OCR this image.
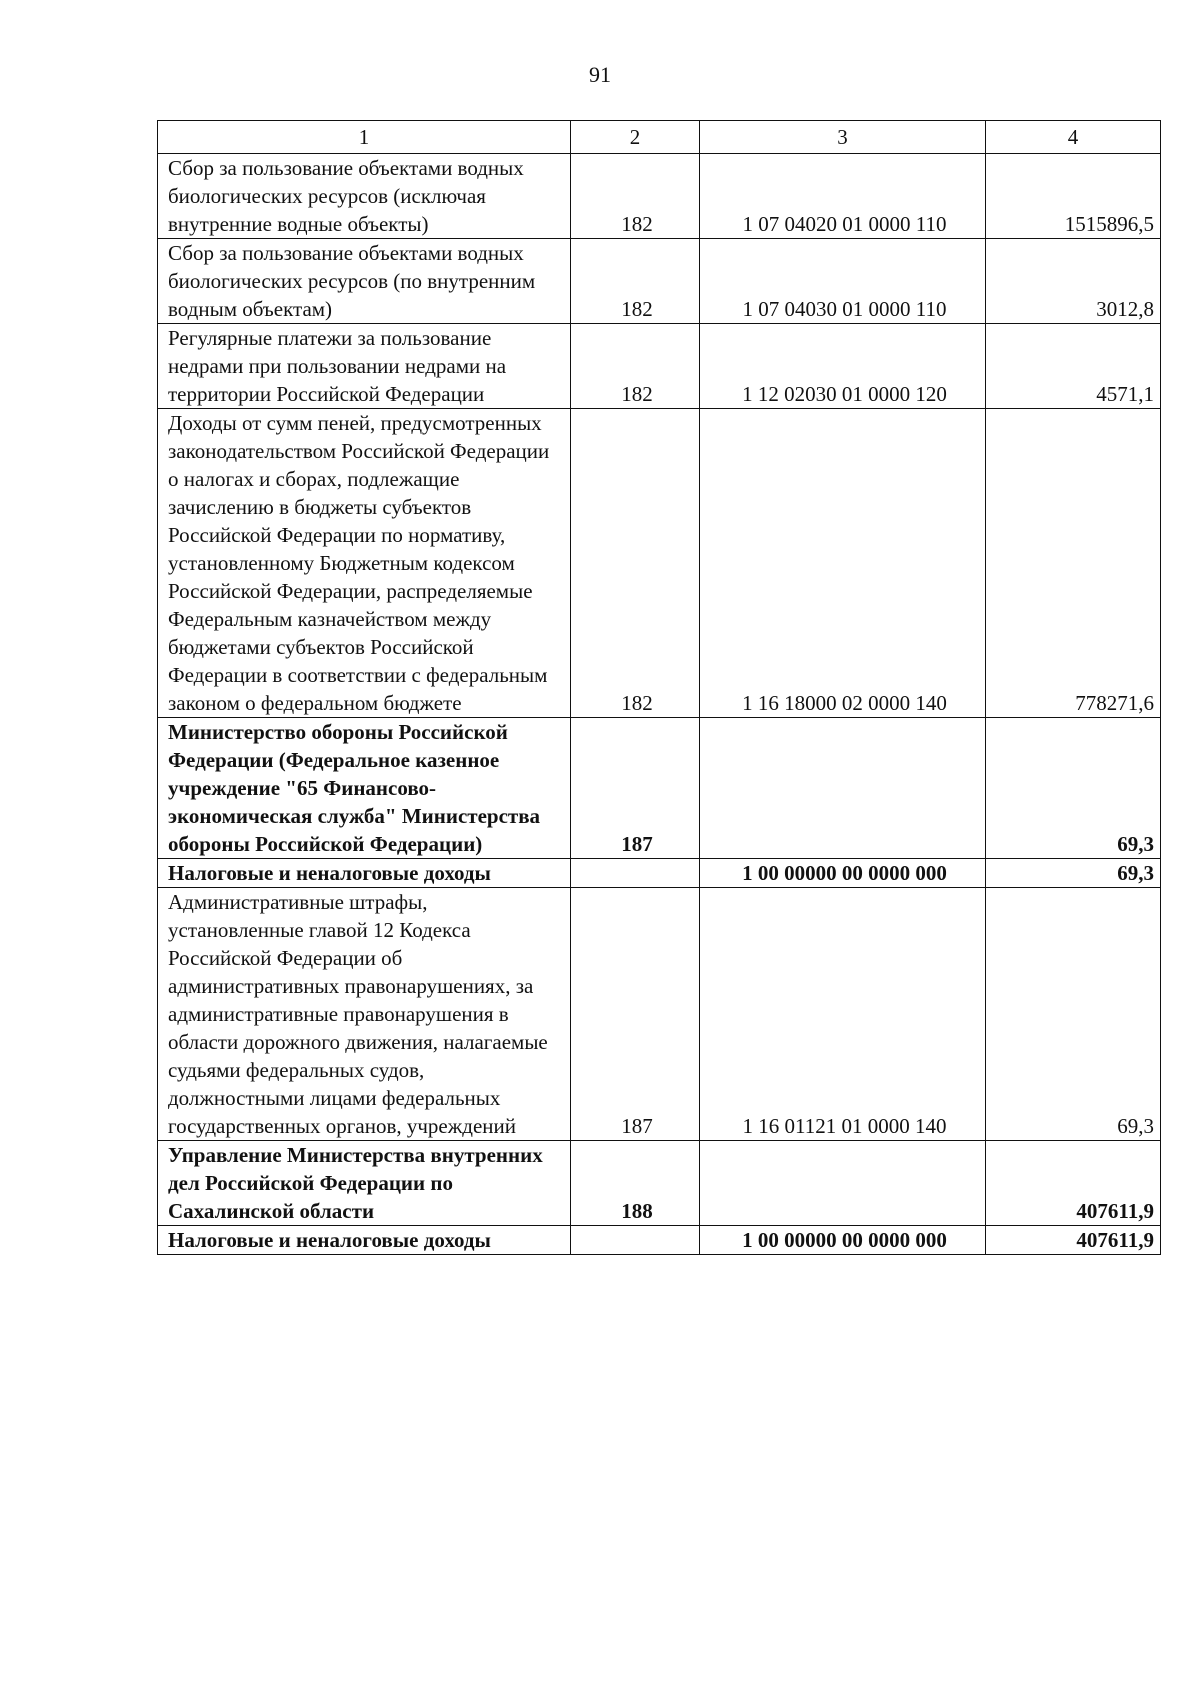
91
1	2	3	4
Сбор за пользование объектами водных биологических ресурсов (исключая внутренние водные объекты)	182	1 07 04020 01 0000 110	1515896,5
Сбор за пользование объектами водных биологических ресурсов (по внутренним водным объектам)	182	1 07 04030 01 0000 110	3012,8
Регулярные платежи за пользование недрами при пользовании недрами на территории Российской Федерации	182	1 12 02030 01 0000 120	4571,1
Доходы от сумм пеней, предусмотренных законодательством Российской Федерации о налогах и сборах, подлежащие зачислению в бюджеты субъектов Российской Федерации по нормативу, установленному Бюджетным кодексом Российской Федерации, распределяемые Федеральным казначейством между бюджетами субъектов Российской Федерации в соответствии с федеральным законом о федеральном бюджете	182	1 16 18000 02 0000 140	778271,6
Министерство обороны Российской Федерации (Федеральное казенное учреждение "65 Финансово-экономическая служба" Министерства обороны Российской Федерации)	187		69,3
Налоговые и неналоговые доходы		1 00 00000 00 0000 000	69,3
Административные штрафы, установленные главой 12 Кодекса Российской Федерации об административных правонарушениях, за административные правонарушения в области дорожного движения, налагаемые судьями федеральных судов, должностными лицами федеральных государственных органов, учреждений	187	1 16 01121 01 0000 140	69,3
Управление Министерства внутренних дел Российской Федерации по Сахалинской области	188		407611,9
Налоговые и неналоговые доходы		1 00 00000 00 0000 000	407611,9
